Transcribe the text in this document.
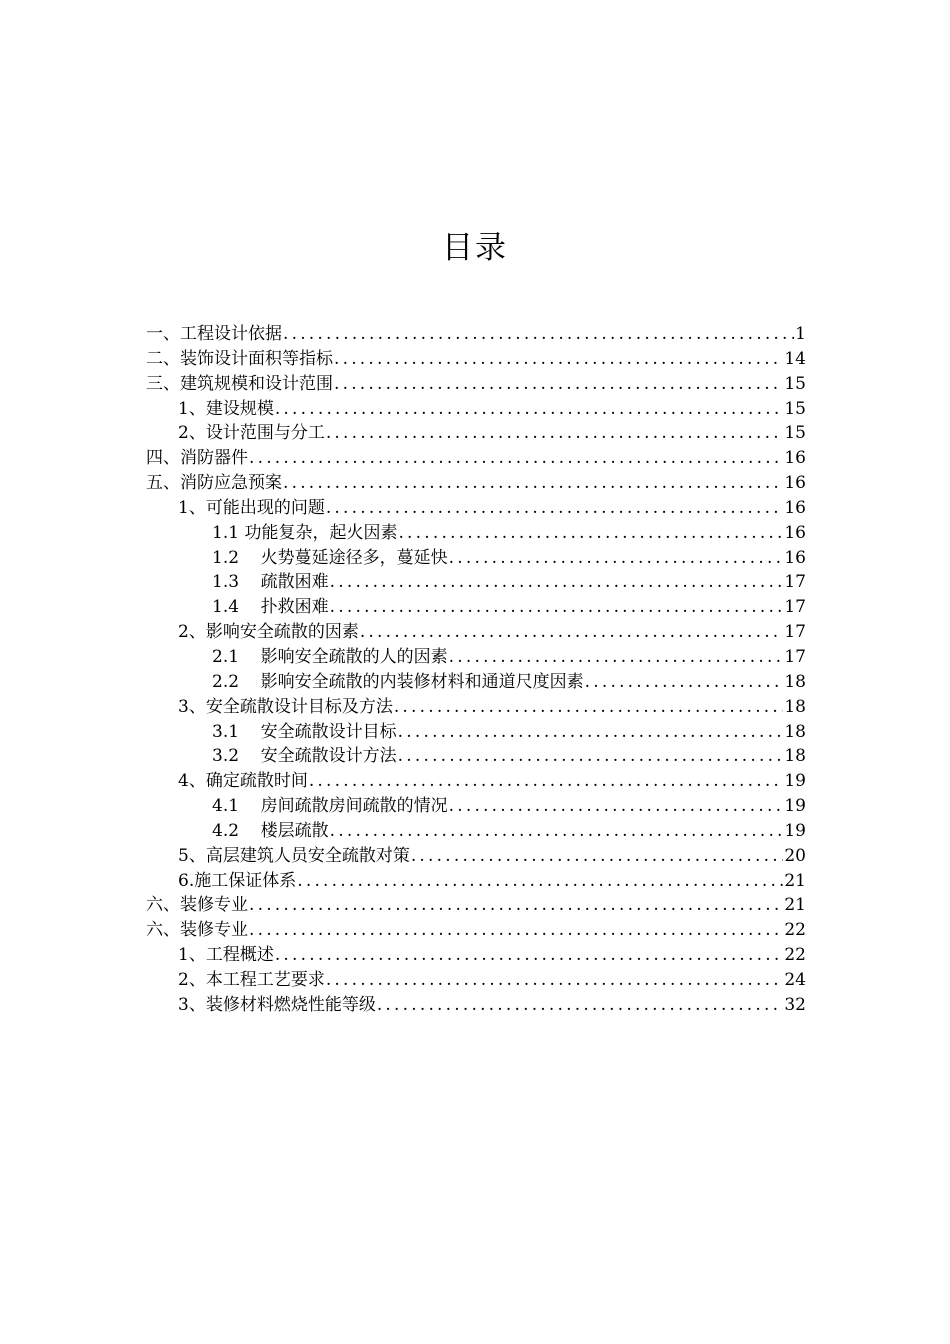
目录
一、工程设计依据 .....	1
二、装饰设计面积等指标 .....	14
三、建筑规模和设计范围 .....	15
1、建设规模 .....	15
2、设计范围与分工 .....	15
四、消防器件 .....	16
五、消防应急预案 .....	16
1、可能出现的问题 .....	16
1.1 功能复杂，起火因素 .....	16
1.2    火势蔓延途径多，蔓延快 .....	16
1.3    疏散困难 .....	17
1.4    扑救困难 .....	17
2、影响安全疏散的因素 .....	17
2.1    影响安全疏散的人的因素 .....	17
2.2    影响安全疏散的内装修材料和通道尺度因素 .....	18
3、安全疏散设计目标及方法 .....	18
3.1    安全疏散设计目标 .....	18
3.2    安全疏散设计方法 .....	18
4、确定疏散时间 .....	19
4.1    房间疏散房间疏散的情况 .....	19
4.2    楼层疏散 .....	19
5、高层建筑人员安全疏散对策 .....	20
6.施工保证体系 .....	21
六、装修专业 .....	21
六、装修专业 .....	22
1、工程概述 .....	22
2、本工程工艺要求 .....	24
3、装修材料燃烧性能等级 .....	32
